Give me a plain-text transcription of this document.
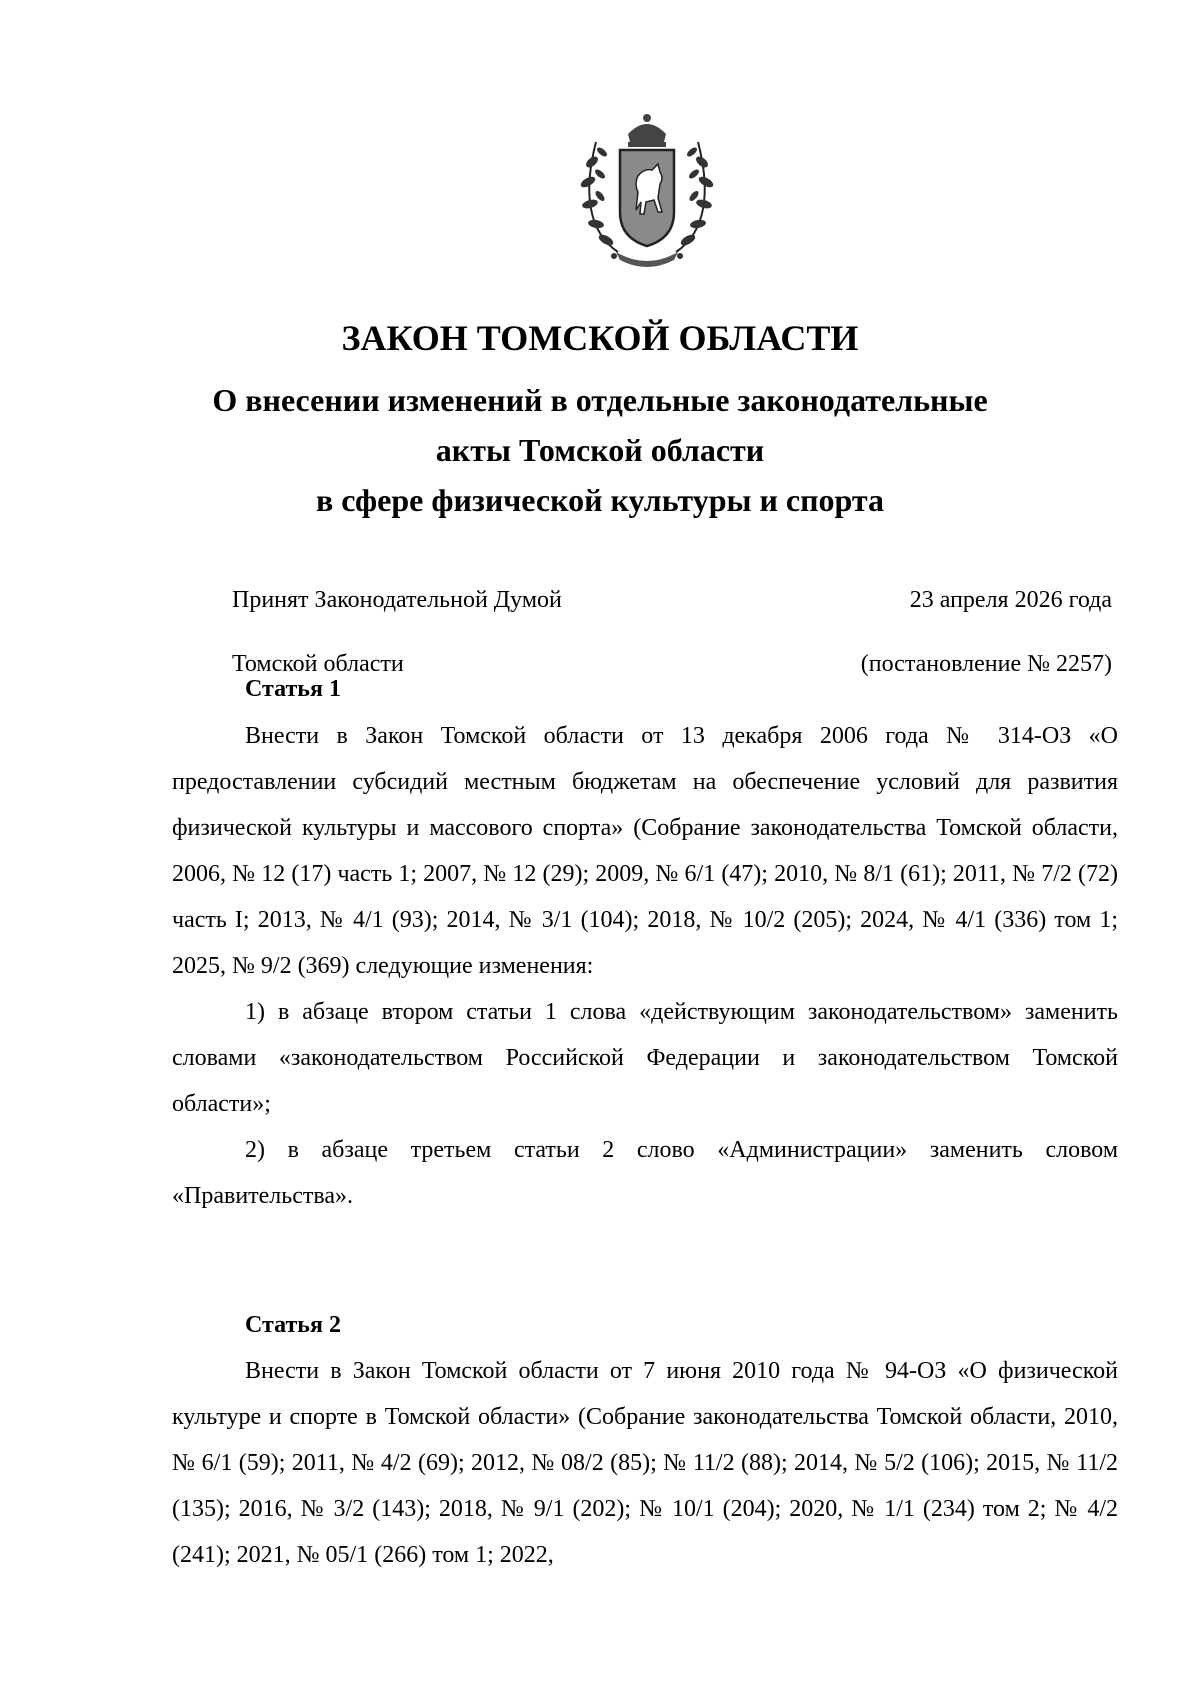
ЗАКОН ТОМСКОЙ ОБЛАСТИ
О внесении изменений в отдельные законодательные
акты Томской области
в сфере физической культуры и спорта

Принят Законодательной Думой

Томской области

23 апреля 2026 года

(постановление № 2257)

Статья 1

Внести в Закон Томской области от 13 декабря 2006 года № 314-ОЗ «О предоставлении субсидий местным бюджетам на обеспечение условий для развития физической культуры и массового спорта» (Собрание законодательства Томской области, 2006, № 12 (17) часть 1; 2007, № 12 (29); 2009, № 6/1 (47); 2010, № 8/1 (61); 2011, № 7/2 (72) часть I; 2013, № 4/1 (93); 2014, № 3/1 (104); 2018, № 10/2 (205); 2024, № 4/1 (336) том 1; 2025, № 9/2 (369) следующие изменения:

1) в абзаце втором статьи 1 слова «действующим законодательством» заменить словами «законодательством Российской Федерации и законодательством Томской области»;

2) в абзаце третьем статьи 2 слово «Администрации» заменить словом «Правительства».

Статья 2

Внести в Закон Томской области от 7 июня 2010 года № 94-ОЗ «О физической культуре и спорте в Томской области» (Собрание законодательства Томской области, 2010, № 6/1 (59); 2011, № 4/2 (69); 2012, № 08/2 (85); № 11/2 (88); 2014, № 5/2 (106); 2015, № 11/2 (135); 2016, № 3/2 (143); 2018, № 9/1 (202); № 10/1 (204); 2020, № 1/1 (234) том 2; № 4/2 (241); 2021, № 05/1 (266) том 1; 2022,
